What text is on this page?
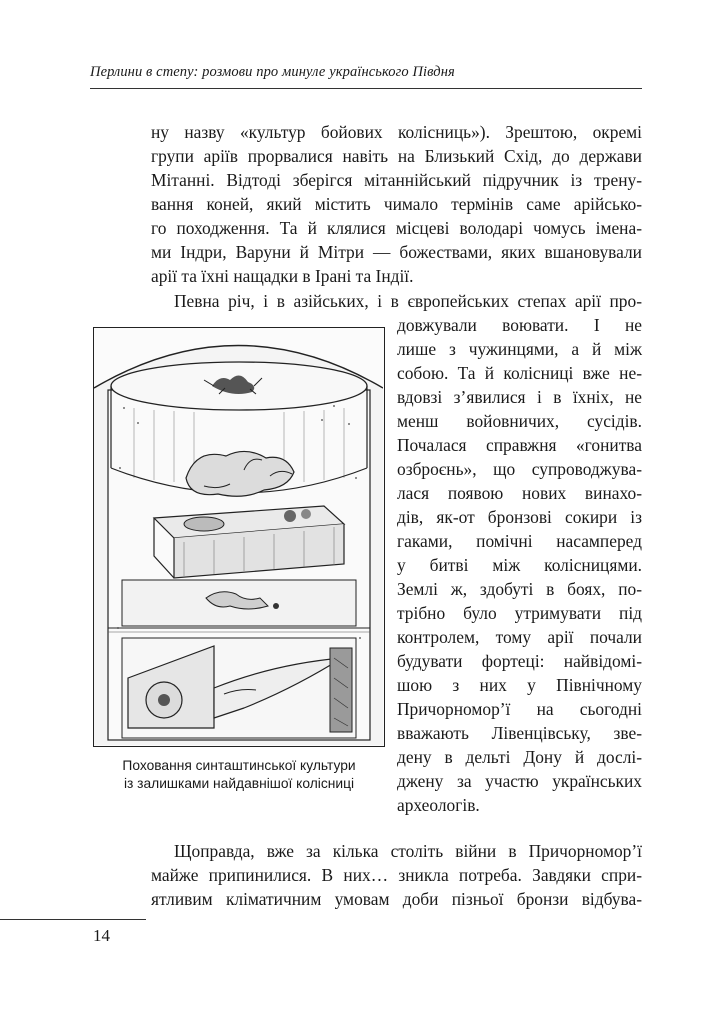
Перлини в степу: розмови про минуле українського Півдня
ну назву «культур бойових колісниць»). Зрештою, окремі
групи аріїв прорвалися навіть на Близький Схід, до держави
Мітанні. Відтоді зберігся мітаннійський підручник із трену-
вання коней, який містить чимало термінів саме арійсько-
го походження. Та й клялися місцеві володарі чомусь імена-
ми Індри, Варуни й Мітри — божествами, яких вшановували
арії та їхні нащадки в Ірані та Індії.
Певна річ, і в азійських, і в європейських степах арії про-
довжували воювати. І не
лише з чужинцями, а й між
собою. Та й колісниці вже не-
вдовзі з’явилися і в їхніх, не
менш войовничих, сусідів.
Почалася справжня «гонитва
озброєнь», що супроводжува-
лася появою нових винахо-
дів, як-от бронзові сокири із
гаками, помічні насамперед
у битві між колісницями.
Землі ж, здобуті в боях, по-
трібно було утримувати під
контролем, тому арії почали
будувати фортеці: найвідомі-
шою з них у Північному
Причорномор’ї на сьогодні
вважають Лівенцівську, зве-
дену в дельті Дону й дослі-
джену за участю українських
археологів.
Поховання синташтинської культури
із залишками найдавнішої колісниці
Щоправда, вже за кілька століть війни в Причорномор’ї
майже припинилися. В них… зникла потреба. Завдяки спри-
ятливим кліматичним умовам доби пізньої бронзи відбува-
14
